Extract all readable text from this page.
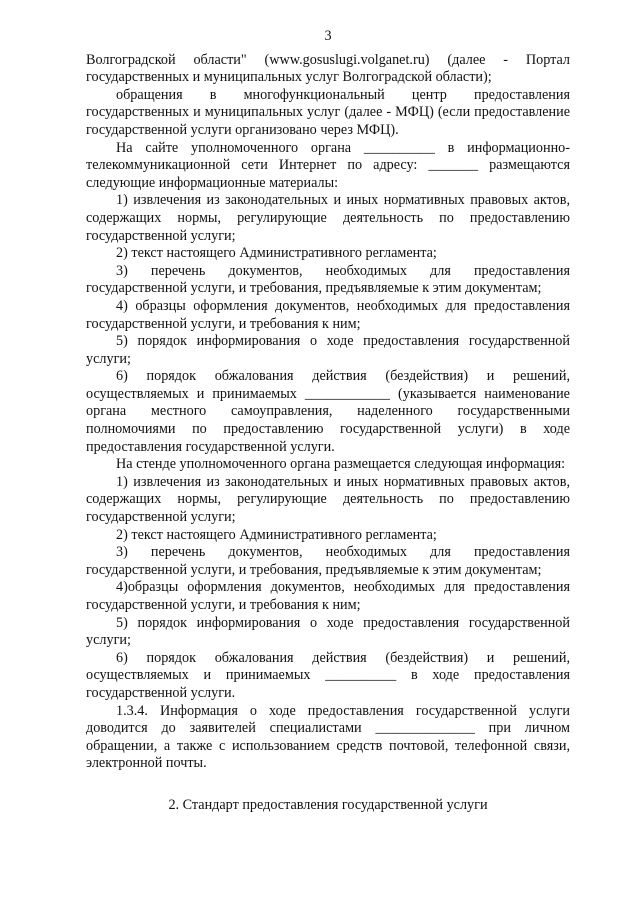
3

Волгоградской области" (www.gosuslugi.volganet.ru) (далее - Портал государственных и муниципальных услуг Волгоградской области);

обращения в многофункциональный центр предоставления государственных и муниципальных услуг (далее - МФЦ) (если предоставление государственной услуги организовано через МФЦ).

На сайте уполномоченного органа __________ в информационно-телекоммуникационной сети Интернет по адресу: _______ размещаются следующие информационные материалы:

1) извлечения из законодательных и иных нормативных правовых актов, содержащих нормы, регулирующие деятельность по предоставлению государственной услуги;

2) текст настоящего Административного регламента;

3) перечень документов, необходимых для предоставления государственной услуги, и требования, предъявляемые к этим документам;

4) образцы оформления документов, необходимых для предоставления государственной услуги, и требования к ним;

5) порядок информирования о ходе предоставления государственной услуги;

6) порядок обжалования действия (бездействия) и решений, осуществляемых и принимаемых ____________ (указывается наименование органа местного самоуправления, наделенного государственными полномочиями по предоставлению государственной услуги) в ходе предоставления государственной услуги.

На стенде уполномоченного органа размещается следующая информация:

1) извлечения из законодательных и иных нормативных правовых актов, содержащих нормы, регулирующие деятельность по предоставлению государственной услуги;

2) текст настоящего Административного регламента;

3) перечень документов, необходимых для предоставления государственной услуги, и требования, предъявляемые к этим документам;

4)образцы оформления документов, необходимых для предоставления государственной услуги, и требования к ним;

5) порядок информирования о ходе предоставления государственной услуги;

6) порядок обжалования действия (бездействия) и решений, осуществляемых и принимаемых __________ в ходе предоставления государственной услуги.

1.3.4. Информация о ходе предоставления государственной услуги доводится до заявителей специалистами ______________ при личном обращении, а также с использованием средств почтовой, телефонной связи, электронной почты.

2. Стандарт предоставления государственной услуги
